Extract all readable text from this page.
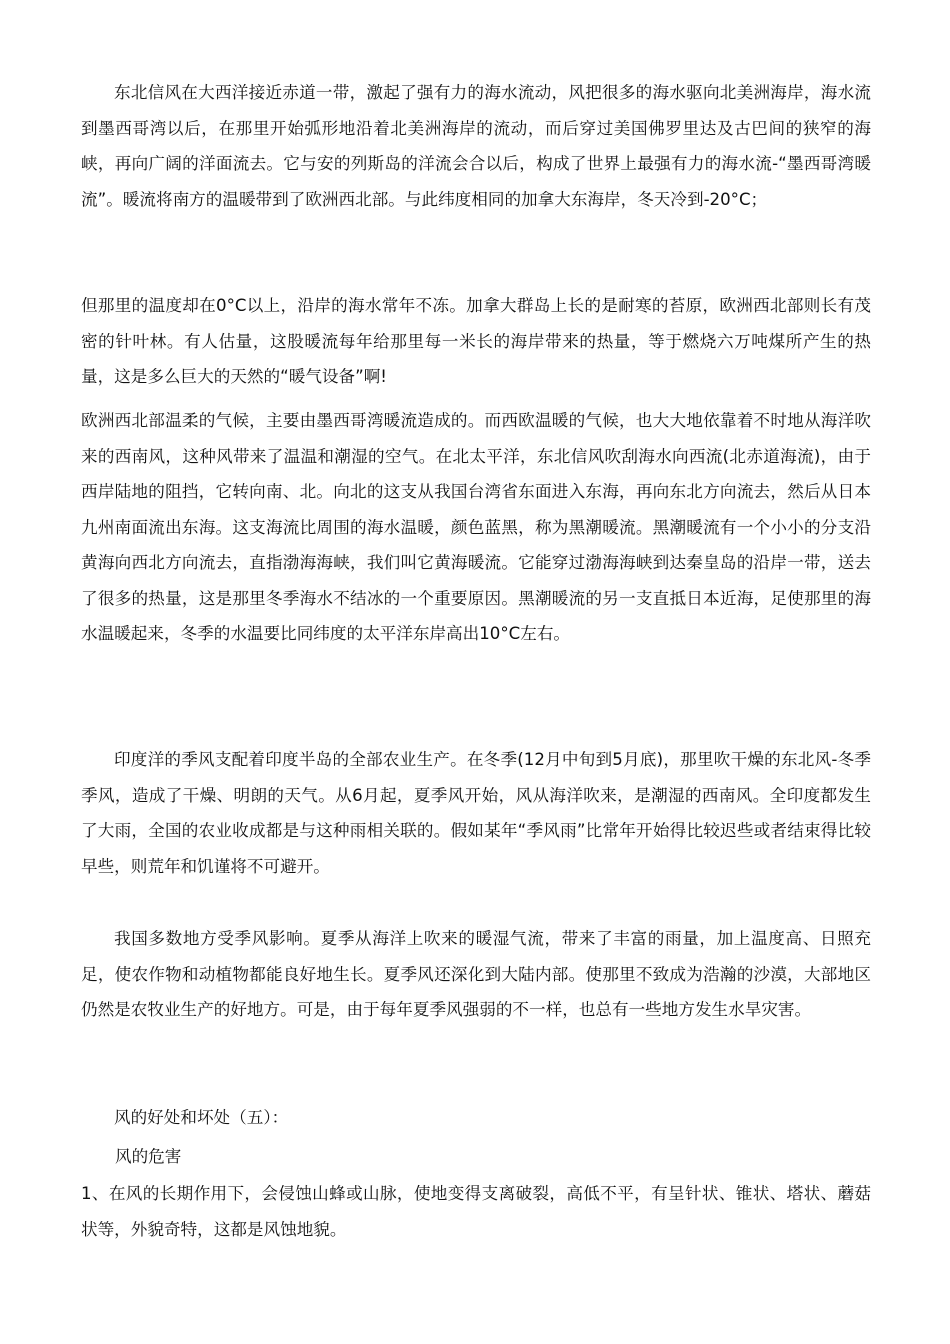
东北信风在大西洋接近赤道一带，激起了强有力的海水流动，风把很多的海水驱向北美洲海岸，海水流到墨西哥湾以后，在那里开始弧形地沿着北美洲海岸的流动，而后穿过美国佛罗里达及古巴间的狭窄的海峡，再向广阔的洋面流去。它与安的列斯岛的洋流会合以后，构成了世界上最强有力的海水流-“墨西哥湾暖流”。暖流将南方的温暖带到了欧洲西北部。与此纬度相同的加拿大东海岸，冬天冷到-20°C；

但那里的温度却在0°C以上，沿岸的海水常年不冻。加拿大群岛上长的是耐寒的苔原，欧洲西北部则长有茂密的针叶林。有人估量，这股暖流每年给那里每一米长的海岸带来的热量，等于燃烧六万吨煤所产生的热量，这是多么巨大的天然的“暖气设备”啊!

欧洲西北部温柔的气候，主要由墨西哥湾暖流造成的。而西欧温暖的气候，也大大地依靠着不时地从海洋吹来的西南风，这种风带来了温温和潮湿的空气。在北太平洋，东北信风吹刮海水向西流(北赤道海流)，由于西岸陆地的阻挡，它转向南、北。向北的这支从我国台湾省东面进入东海，再向东北方向流去，然后从日本九州南面流出东海。这支海流比周围的海水温暖，颜色蓝黑，称为黑潮暖流。黑潮暖流有一个小小的分支沿黄海向西北方向流去，直指渤海海峡，我们叫它黄海暖流。它能穿过渤海海峡到达秦皇岛的沿岸一带，送去了很多的热量，这是那里冬季海水不结冰的一个重要原因。黑潮暖流的另一支直抵日本近海，足使那里的海水温暖起来，冬季的水温要比同纬度的太平洋东岸高出10°C左右。

印度洋的季风支配着印度半岛的全部农业生产。在冬季(12月中旬到5月底)，那里吹干燥的东北风-冬季季风，造成了干燥、明朗的天气。从6月起，夏季风开始，风从海洋吹来，是潮湿的西南风。全印度都发生了大雨，全国的农业收成都是与这种雨相关联的。假如某年“季风雨”比常年开始得比较迟些或者结束得比较早些，则荒年和饥谨将不可避开。

我国多数地方受季风影响。夏季从海洋上吹来的暖湿气流，带来了丰富的雨量，加上温度高、日照充足，使农作物和动植物都能良好地生长。夏季风还深化到大陆内部。使那里不致成为浩瀚的沙漠，大部地区仍然是农牧业生产的好地方。可是，由于每年夏季风强弱的不一样，也总有一些地方发生水旱灾害。

风的好处和坏处（五）：

风的危害

1、在风的长期作用下，会侵蚀山蜂或山脉，使地变得支离破裂，高低不平，有呈针状、锥状、塔状、蘑菇状等，外貌奇特，这都是风蚀地貌。
